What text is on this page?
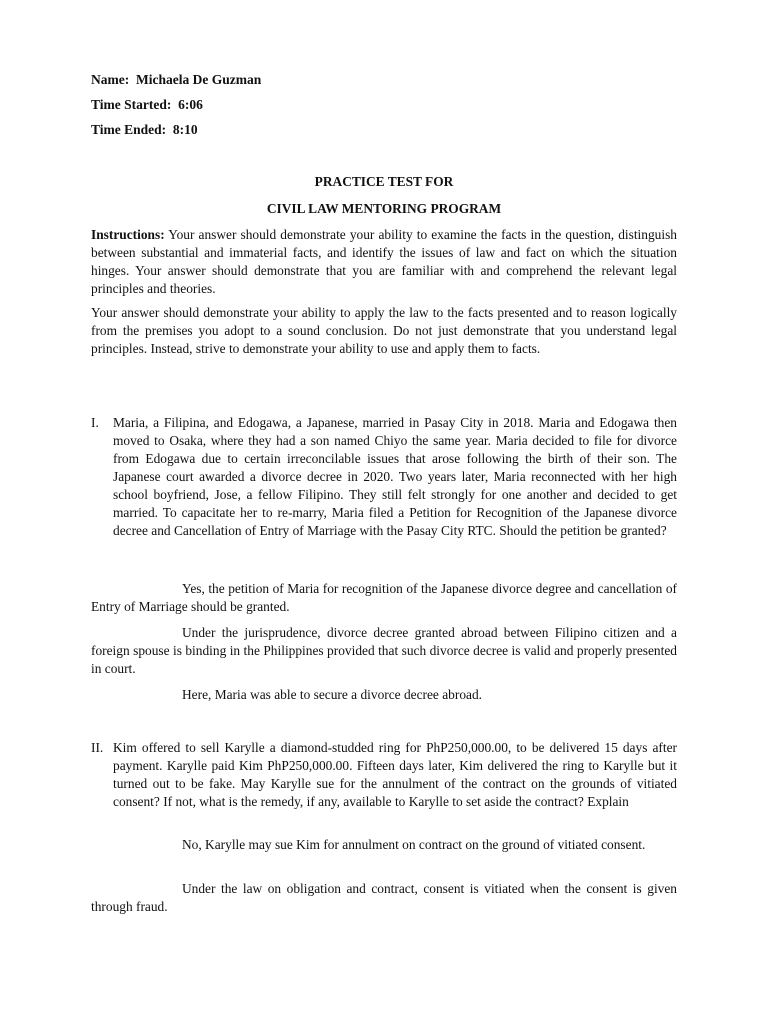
Name: Michaela De Guzman
Time Started: 6:06
Time Ended: 8:10
PRACTICE TEST FOR
CIVIL LAW MENTORING PROGRAM

Instructions: Your answer should demonstrate your ability to examine the facts in the question, distinguish between substantial and immaterial facts, and identify the issues of law and fact on which the situation hinges. Your answer should demonstrate that you are familiar with and comprehend the relevant legal principles and theories.

Your answer should demonstrate your ability to apply the law to the facts presented and to reason logically from the premises you adopt to a sound conclusion. Do not just demonstrate that you understand legal principles. Instead, strive to demonstrate your ability to use and apply them to facts.

I.	Maria, a Filipina, and Edogawa, a Japanese, married in Pasay City in 2018. Maria and Edogawa then moved to Osaka, where they had a son named Chiyo the same year. Maria decided to file for divorce from Edogawa due to certain irreconcilable issues that arose following the birth of their son. The Japanese court awarded a divorce decree in 2020. Two years later, Maria reconnected with her high school boyfriend, Jose, a fellow Filipino. They still felt strongly for one another and decided to get married. To capacitate her to re-marry, Maria filed a Petition for Recognition of the Japanese divorce decree and Cancellation of Entry of Marriage with the Pasay City RTC. Should the petition be granted?

Yes, the petition of Maria for recognition of the Japanese divorce degree and cancellation of Entry of Marriage should be granted.

Under the jurisprudence, divorce decree granted abroad between Filipino citizen and a foreign spouse is binding in the Philippines provided that such divorce decree is valid and properly presented in court.

Here, Maria was able to secure a divorce decree abroad.

II. Kim offered to sell Karylle a diamond-studded ring for PhP250,000.00, to be delivered 15 days after payment. Karylle paid Kim PhP250,000.00. Fifteen days later, Kim delivered the ring to Karylle but it turned out to be fake. May Karylle sue for the annulment of the contract on the grounds of vitiated consent? If not, what is the remedy, if any, available to Karylle to set aside the contract? Explain

No, Karylle may sue Kim for annulment on contract on the ground of vitiated consent.

Under the law on obligation and contract, consent is vitiated when the consent is given through fraud.
